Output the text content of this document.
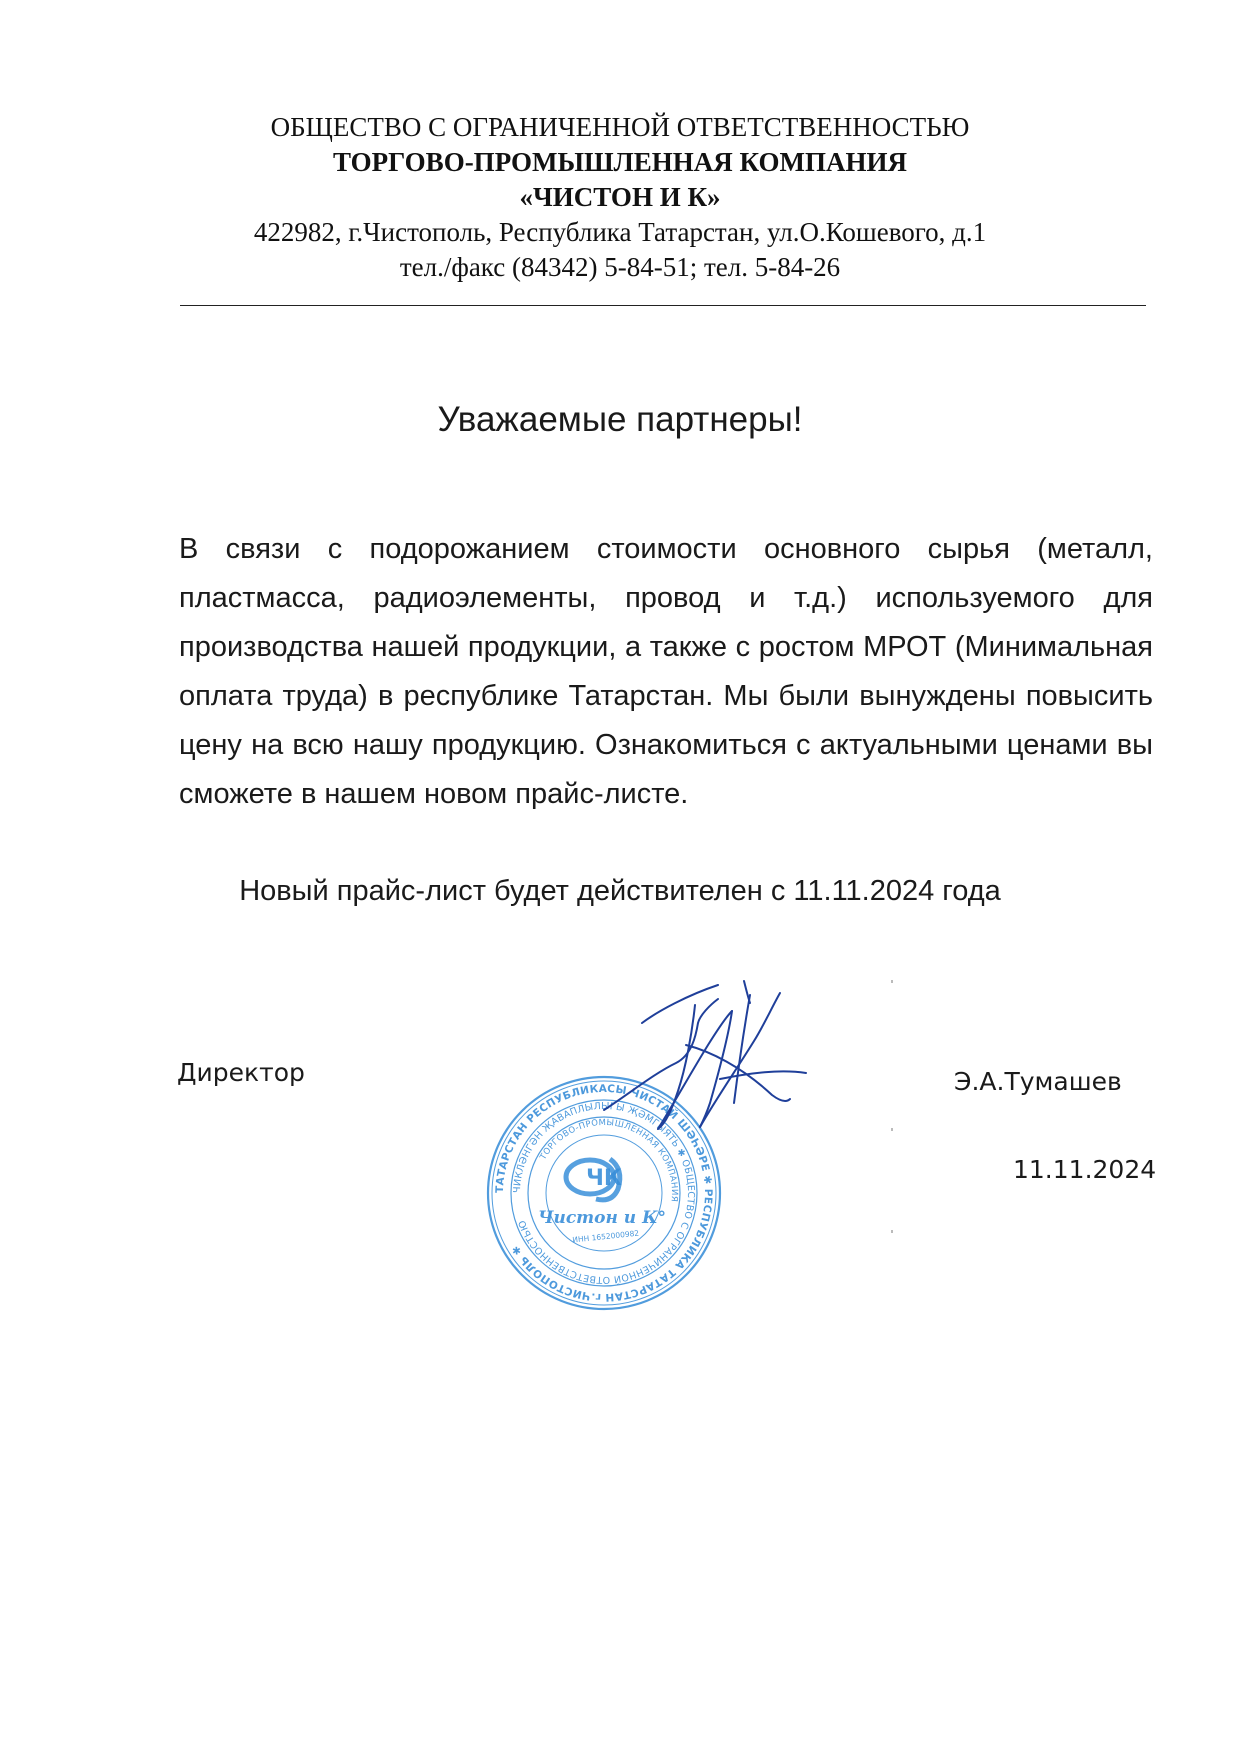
ОБЩЕСТВО С ОГРАНИЧЕННОЙ ОТВЕТСТВЕННОСТЬЮ
ТОРГОВО-ПРОМЫШЛЕННАЯ КОМПАНИЯ
«ЧИСТОН И К»
422982, г.Чистополь, Республика Татарстан, ул.О.Кошевого, д.1
тел./факс (84342) 5-84-51; тел. 5-84-26
Уважаемые партнеры!

В связи с подорожанием стоимости основного сырья (металл, пластмасса, радиоэлементы, провод и т.д.) используемого для производства нашей продукции, а также с ростом МРОТ (Минимальная оплата труда) в республике Татарстан. Мы были вынуждены повысить цену на всю нашу продукцию. Ознакомиться с актуальными ценами вы сможете в нашем новом прайс-листе.

Новый прайс-лист будет действителен с 11.11.2024 года
Директор	Э.А.Тумашев
11.11.2024
ТАТАРСТАН РЕСПУБЛИКАСЫ ЧИСТАЙ ШӘҺӘРЕ ✱ РЕСПУБЛИКА ТАТАРСТАН г.ЧИСТОПОЛЬ ✱
ЧИКЛӘНГӘН ҖАВАПЛЫЛЫГЫ ҖӘМГЫЯТЬ ✱ ОБЩЕСТВО С ОГРАНИЧЕННОЙ ОТВЕТСТВЕННОСТЬЮ
ТОРГОВО-ПРОМЫШЛЕННАЯ КОМПАНИЯ
ЧК
Чистон и К°
ИНН 1652000982
